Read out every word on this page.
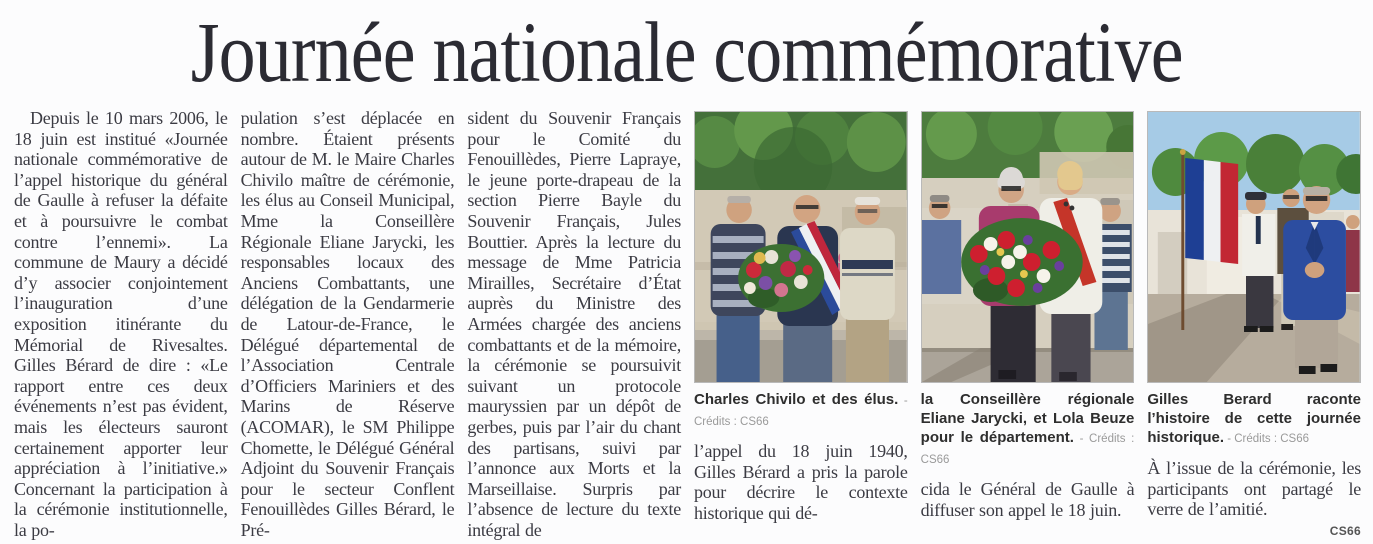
Journée nationale commémorative

Depuis le 10 mars 2006, le 18 juin est institué «Journée nationale commémorative de l’appel historique du général de Gaulle à refuser la défaite et à poursuivre le combat contre l’ennemi». La commune de Maury a décidé d’y associer conjointement l’inauguration d’une exposition itinérante du Mémorial de Rivesaltes. Gilles Bérard de dire : «Le rapport entre ces deux événements n’est pas évident, mais les électeurs sauront certainement apporter leur appréciation à l’initiative.» Concernant la participation à la cérémonie institutionnelle, la po-

pulation s’est déplacée en nombre. Étaient présents autour de M. le Maire Charles Chivilo maître de cérémonie, les élus au Conseil Municipal, Mme la Conseillère Régionale Eliane Jarycki, les responsables locaux des Anciens Combattants, une délégation de la Gendarmerie de Latour-de-France, le Délégué départemental de l’Association Centrale d’Officiers Mariniers et des Marins de Réserve (ACOMAR), le SM Philippe Chomette, le Délégué Général Adjoint du Souvenir Français pour le secteur Conflent Fenouillèdes Gilles Bérard, le Pré-

sident du Souvenir Français pour le Comité du Fenouillèdes, Pierre Lapraye, le jeune porte-drapeau de la section Pierre Bayle du Souvenir Français, Jules Bouttier. Après la lecture du message de Mme Patricia Mirailles, Secrétaire d’État auprès du Ministre des Armées chargée des anciens combattants et de la mémoire, la cérémonie se poursuivit suivant un protocole mauryssien par un dépôt de gerbes, puis par l’air du chant des partisans, suivi par l’annonce aux Morts et la Marseillaise. Surpris par l’absence de lecture du texte intégral de

Charles Chivilo et des élus. - Crédits : CS66

l’appel du 18 juin 1940, Gilles Bérard a pris la parole pour décrire le contexte historique qui dé-

la Conseillère régionale Eliane Jarycki, et Lola Beuze pour le département. - Crédits : CS66

cida le Général de Gaulle à diffuser son appel le 18 juin.

Gilles Berard raconte l’histoire de cette journée historique. - Crédits : CS66

À l’issue de la cérémonie, les participants ont partagé le verre de l’amitié.

CS66
